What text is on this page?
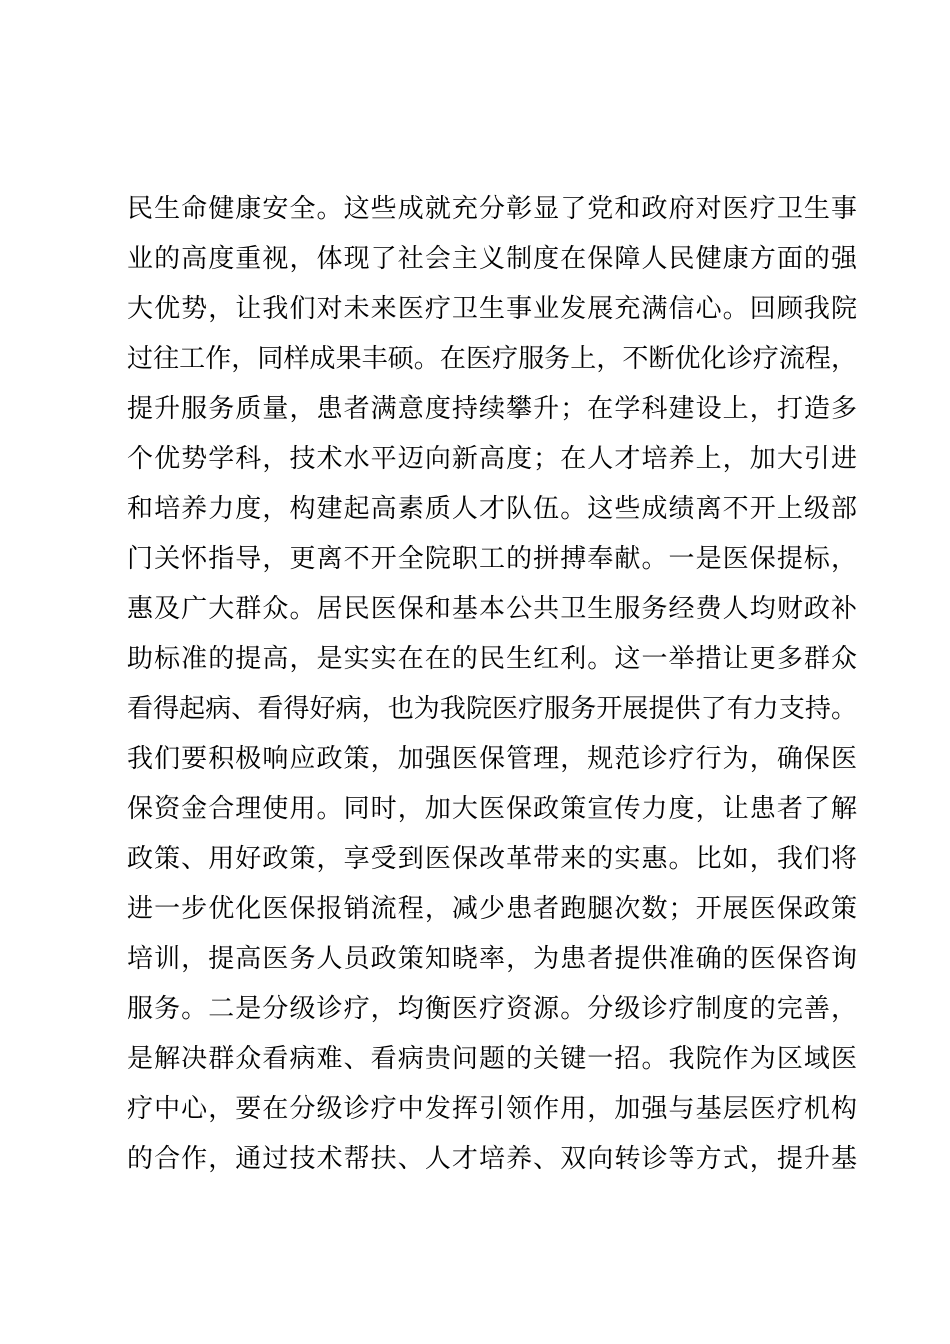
民生命健康安全。这些成就充分彰显了党和政府对医疗卫生事
业的高度重视，体现了社会主义制度在保障人民健康方面的强
大优势，让我们对未来医疗卫生事业发展充满信心。回顾我院
过往工作，同样成果丰硕。在医疗服务上，不断优化诊疗流程，
提升服务质量，患者满意度持续攀升；在学科建设上，打造多
个优势学科，技术水平迈向新高度；在人才培养上，加大引进
和培养力度，构建起高素质人才队伍。这些成绩离不开上级部
门关怀指导，更离不开全院职工的拼搏奉献。一是医保提标，
惠及广大群众。居民医保和基本公共卫生服务经费人均财政补
助标准的提高，是实实在在的民生红利。这一举措让更多群众
看得起病、看得好病，也为我院医疗服务开展提供了有力支持。
我们要积极响应政策，加强医保管理，规范诊疗行为，确保医
保资金合理使用。同时，加大医保政策宣传力度，让患者了解
政策、用好政策，享受到医保改革带来的实惠。比如，我们将
进一步优化医保报销流程，减少患者跑腿次数；开展医保政策
培训，提高医务人员政策知晓率，为患者提供准确的医保咨询
服务。二是分级诊疗，均衡医疗资源。分级诊疗制度的完善，
是解决群众看病难、看病贵问题的关键一招。我院作为区域医
疗中心，要在分级诊疗中发挥引领作用，加强与基层医疗机构
的合作，通过技术帮扶、人才培养、双向转诊等方式，提升基
